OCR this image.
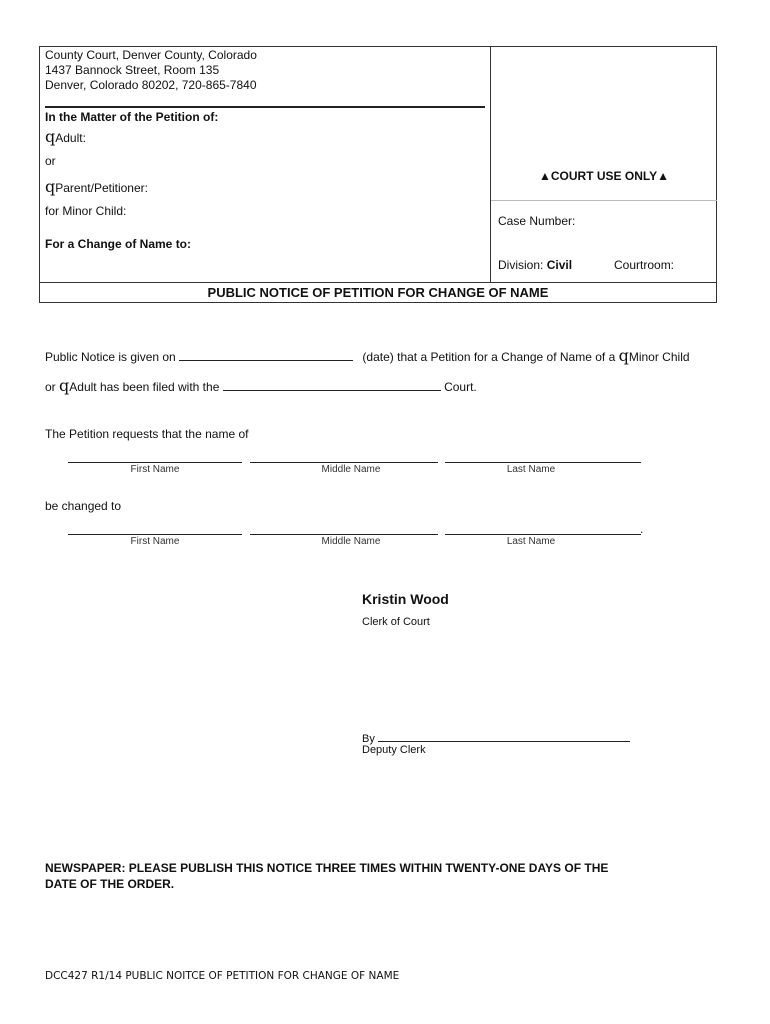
County Court, Denver County, Colorado
1437 Bannock Street, Room 135
Denver, Colorado 80202, 720-865-7840
In the Matter of the Petition of:
qAdult:
or
qParent/Petitioner:
for Minor Child:
For a Change of Name to:
▲COURT USE ONLY▲
Case Number:
Division: Civil	Courtroom:
PUBLIC NOTICE OF PETITION FOR CHANGE OF NAME
Public Notice is given on	(date) that a Petition for a Change of Name of a qMinor Child
or qAdult has been filed with the	Court.
The Petition requests that the name of
First Name	Middle Name	Last Name
be changed to
.
First Name	Middle Name	Last Name
Kristin Wood
Clerk of Court
By
Deputy Clerk
NEWSPAPER: PLEASE PUBLISH THIS NOTICE THREE TIMES WITHIN TWENTY-ONE DAYS OF THE
DATE OF THE ORDER.
DCC427 R1/14 PUBLIC NOITCE OF PETITION FOR CHANGE OF NAME
